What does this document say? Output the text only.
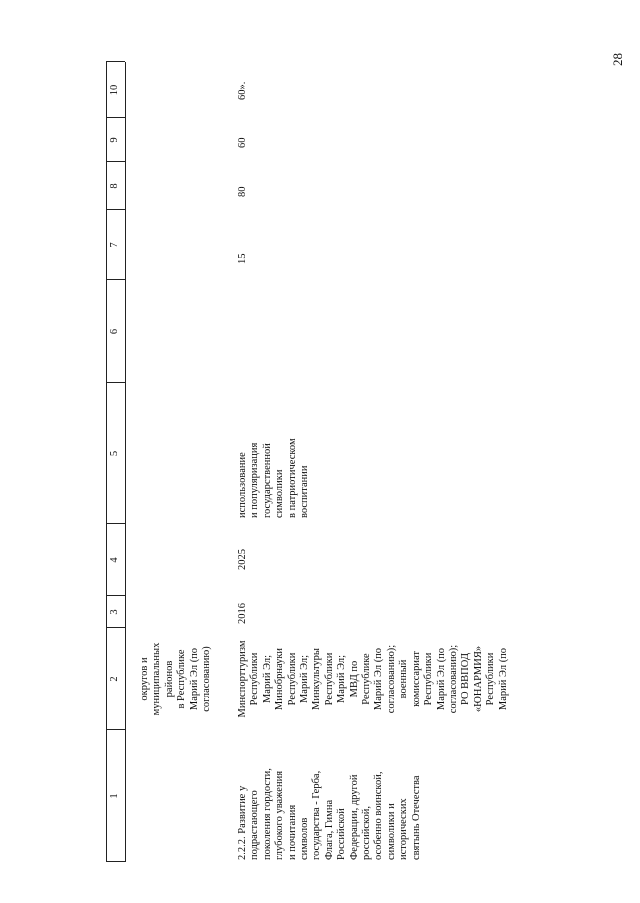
28
1
2
3
4
5
6
7
8
9
10
округов и
муниципальных
районов
в Республике
Марий Эл (по
согласованию)
2.2.2. Развитие у
подрастающего
поколения гордости,
глубокого уважения
и почитания
символов
государства - Герба,
Флага, Гимна
Российской
Федерации, другой
российской,
особенно воинской,
символики и
исторических
святынь Отечества
Минспорттуризм
Республики
Марий Эл;
Минобрнауки
Республики
Марий Эл;
Минкультуры
Республики
Марий Эл;
МВД по
Республике
Марий Эл (по
согласованию);
военный
комиссариат
Республики
Марий Эл (по
согласованию);
РО ВВПОД
«ЮНАРМИЯ»
Республики
Марий Эл (по
2016
2025
использование
и популяризация
государственной
символики
в патриотическом
воспитании
15
80
60
60».
